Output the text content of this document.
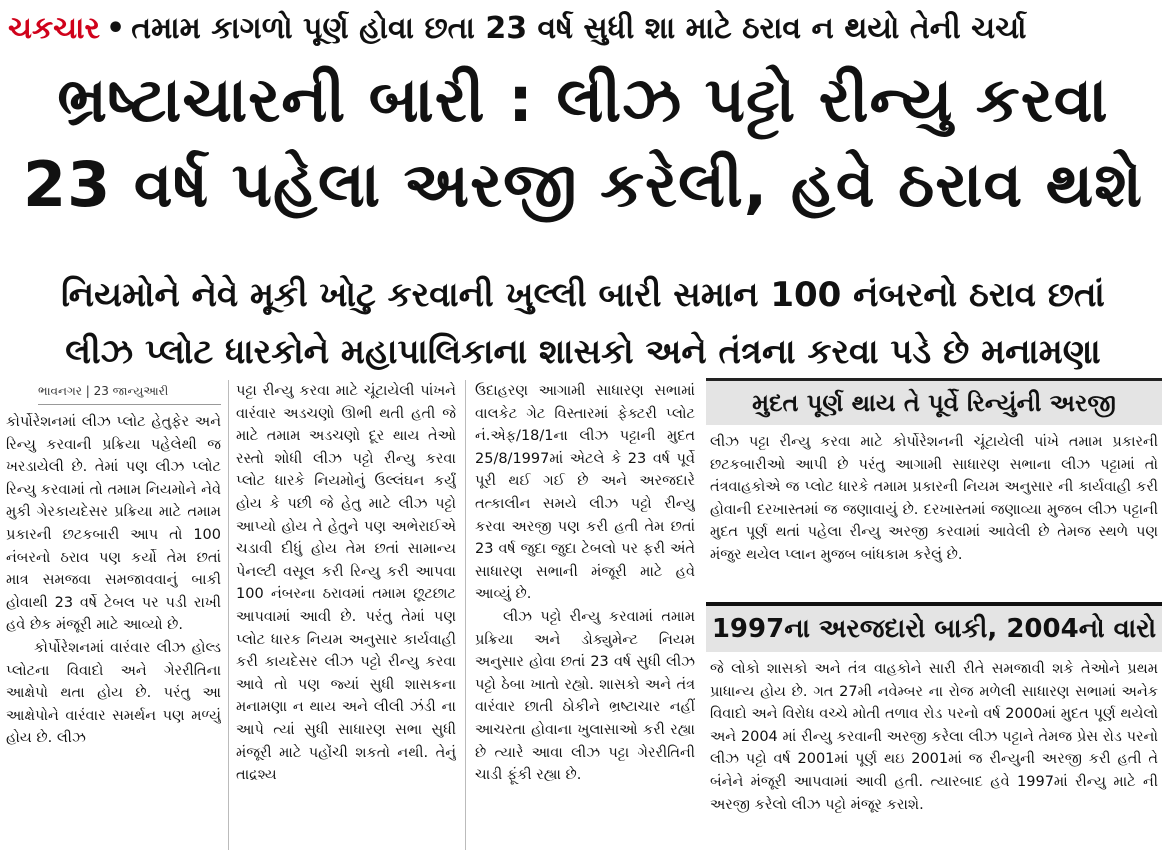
ચકચાર • તમામ કાગળો પૂર્ણ હોવા છતા 23 વર્ષ સુધી શા માટે ઠરાવ ન થયો તેની ચર્ચા
ભ્રષ્ટાચારની બારી : લીઝ પટ્ટો રીન્યુ કરવા
23 વર્ષ પહેલા અરજી કરેલી, હવે ઠરાવ થશે
નિયમોને નેવે મૂકી ખોટુ કરવાની ખુલ્લી બારી સમાન 100 નંબરનો ઠરાવ છતાં
લીઝ પ્લોટ ધારકોને મહાપાલિકાના શાસકો અને તંત્રના કરવા પડે છે મનામણા
ભાવનગર | 23 જાન્યુઆરી

કોર્પોરેશનમાં લીઝ પ્લોટ હેતુફેર અને રિન્યુ કરવાની પ્રક્રિયા પહેલેથી જ ખરડાયેલી છે. તેમાં પણ લીઝ પ્લોટ રિન્યુ કરવામાં તો તમામ નિયમોને નેવે મુકી ગેરકાયદેસર પ્રક્રિયા માટે તમામ પ્રકારની છટકબારી આપ તો 100 નંબરનો ઠરાવ પણ કર્યો તેમ છતાં માત્ર સમજવા સમજાવવાનું બાકી હોવાથી 23 વર્ષે ટેબલ પર પડી રાખી હવે છેક મંજૂરી માટે આવ્યો છે.

કોર્પોરેશનમાં વારંવાર લીઝ હોલ્ડ પ્લોટના વિવાદો અને ગેરરીતિના આક્ષેપો થતા હોય છે. પરંતુ આ આક્ષેપોને વારંવાર સમર્થન પણ મળ્યું હોય છે. લીઝ

પટ્ટા રીન્યુ કરવા માટે ચૂંટાયેલી પાંખને વારંવાર અડચણો ઊભી થતી હતી જે માટે તમામ અડચણો દૂર થાય તેઓ રસ્તો શોધી લીઝ પટ્ટો રીન્યુ કરવા પ્લોટ ધારકે નિયમોનું ઉલ્લંઘન કર્યું હોય કે પછી જે હેતુ માટે લીઝ પટ્ટો આપ્યો હોય તે હેતુને પણ અભેરાઈએ ચડાવી દીધું હોય તેમ છતાં સામાન્ય પેનલ્ટી વસૂલ કરી રિન્યુ કરી આપવા 100 નંબરના ઠરાવમાં તમામ છૂટછાટ આપવામાં આવી છે. પરંતુ તેમાં પણ પ્લોટ ધારક નિયમ અનુસાર કાર્યવાહી કરી કાયદેસર લીઝ પટ્ટો રીન્યુ કરવા આવે તો પણ જ્યાં સુધી શાસકના મનામણા ન થાય અને લીલી ઝંડી ના આપે ત્યાં સુધી સાધારણ સભા સુધી મંજૂરી માટે પહોંચી શકતો નથી. તેનું તાદ્રશ્ય

ઉદાહરણ આગામી સાધારણ સભામાં વાલકેટ ગેટ વિસ્તારમાં ફેક્ટરી પ્લોટ નં.એફ/18/1ના લીઝ પટ્ટાની મુદત 25/8/1997માં એટલે કે 23 વર્ષ પૂર્વે પૂરી થઈ ગઈ છે અને અરજદારે તત્કાલીન સમયે લીઝ પટ્ટો રીન્યુ કરવા અરજી પણ કરી હતી તેમ છતાં 23 વર્ષ જુદા જુદા ટેબલો પર ફરી અંતે સાધારણ સભાની મંજૂરી માટે હવે આવ્યું છે.

લીઝ પટ્ટો રીન્યુ કરવામાં તમામ પ્રક્રિયા અને ડોક્યુમેન્ટ નિયમ અનુસાર હોવા છતાં 23 વર્ષ સુધી લીઝ પટ્ટો ઠેબા ખાતો રહ્યો. શાસકો અને તંત્ર વારંવાર છાતી ઠોકીને ભ્રષ્ટાચાર નહીં આચરતા હોવાના ખુલાસાઓ કરી રહ્યા છે ત્યારે આવા લીઝ પટ્ટા ગેરરીતિની ચાડી ફૂંકી રહ્યા છે.

મુદત પૂર્ણ થાય તે પૂર્વે રિન્યુંની અરજી

લીઝ પટ્ટા રીન્યુ કરવા માટે કોર્પોરેશનની ચૂંટાયેલી પાંખે તમામ પ્રકારની છટકબારીઓ આપી છે પરંતુ આગામી સાધારણ સભાના લીઝ પટ્ટામાં તો તંત્રવાહકોએ જ પ્લોટ ધારકે તમામ પ્રકારની નિયમ અનુસાર ની કાર્યવાહી કરી હોવાની દરખાસ્તમાં જ જણાવાયું છે. દરખાસ્તમાં જણાવ્યા મુજબ લીઝ પટ્ટાની મુદત પૂર્ણ થતાં પહેલા રીન્યુ અરજી કરવામાં આવેલી છે તેમજ સ્થળે પણ મંજુર થયેલ પ્લાન મુજબ બાંધકામ કરેલું છે.

1997ના અરજદારો બાકી, 2004નો વારો

જે લોકો શાસકો અને તંત્ર વાહકોને સારી રીતે સમજાવી શકે તેઓને પ્રથમ પ્રાધાન્ય હોય છે. ગત 27મી નવેમ્બર ના રોજ મળેલી સાધારણ સભામાં અનેક વિવાદો અને વિરોધ વચ્ચે મોતી તળાવ રોડ પરનો વર્ષ 2000માં મુદત પૂર્ણ થયેલો અને 2004 માં રીન્યુ કરવાની અરજી કરેલા લીઝ પટ્ટાને તેમજ પ્રેસ રોડ પરનો લીઝ પટ્ટો વર્ષ 2001માં પૂર્ણ થઇ 2001માં જ રીન્યુની અરજી કરી હતી તે બંનેને મંજૂરી આપવામાં આવી હતી. ત્યારબાદ હવે 1997માં રીન્યુ માટે ની અરજી કરેલો લીઝ પટ્ટો મંજૂર કરાશે.
